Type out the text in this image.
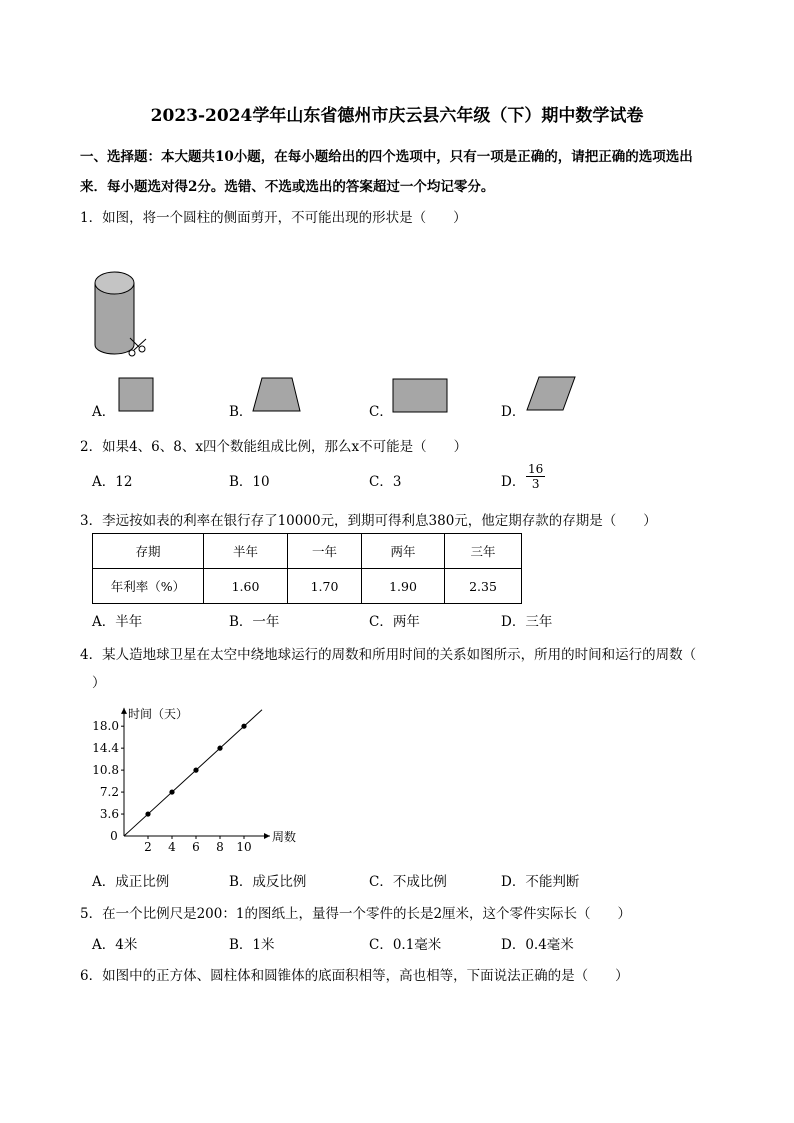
2023-2024学年山东省德州市庆云县六年级（下）期中数学试卷
一、选择题：本大题共10小题，在每小题给出的四个选项中，只有一项是正确的，请把正确的选项选出
来．每小题选对得2分。选错、不选或选出的答案超过一个均记零分。
1．如图，将一个圆柱的侧面剪开，不可能出现的形状是（　　）
A．	B．	C．	D．
2．如果4、6、8、x四个数能组成比例，那么x不可能是（　　）
A．12	B．10	C．3	D． $\frac{16}{3}$
3．李远按如表的利率在银行存了10000元，到期可得利息380元，他定期存款的存期是（　　）
存期	半年	一年	两年	三年
年利率（%）	1.60	1.70	1.90	2.35
A．半年	B．一年	C．两年	D．三年
4．某人造地球卫星在太空中绕地球运行的周数和所用时间的关系如图所示，所用的时间和运行的周数（
）
0
3.6
7.2
10.8
14.4
18.0
2 4 6 8 10
时间（天）
周数
A．成正比例	B．成反比例	C．不成比例	D．不能判断
5．在一个比例尺是200：1的图纸上，量得一个零件的长是2厘米，这个零件实际长（　　）
A．4米	B．1米	C．0.1毫米	D．0.4毫米
6．如图中的正方体、圆柱体和圆锥体的底面积相等，高也相等，下面说法正确的是（　　）
